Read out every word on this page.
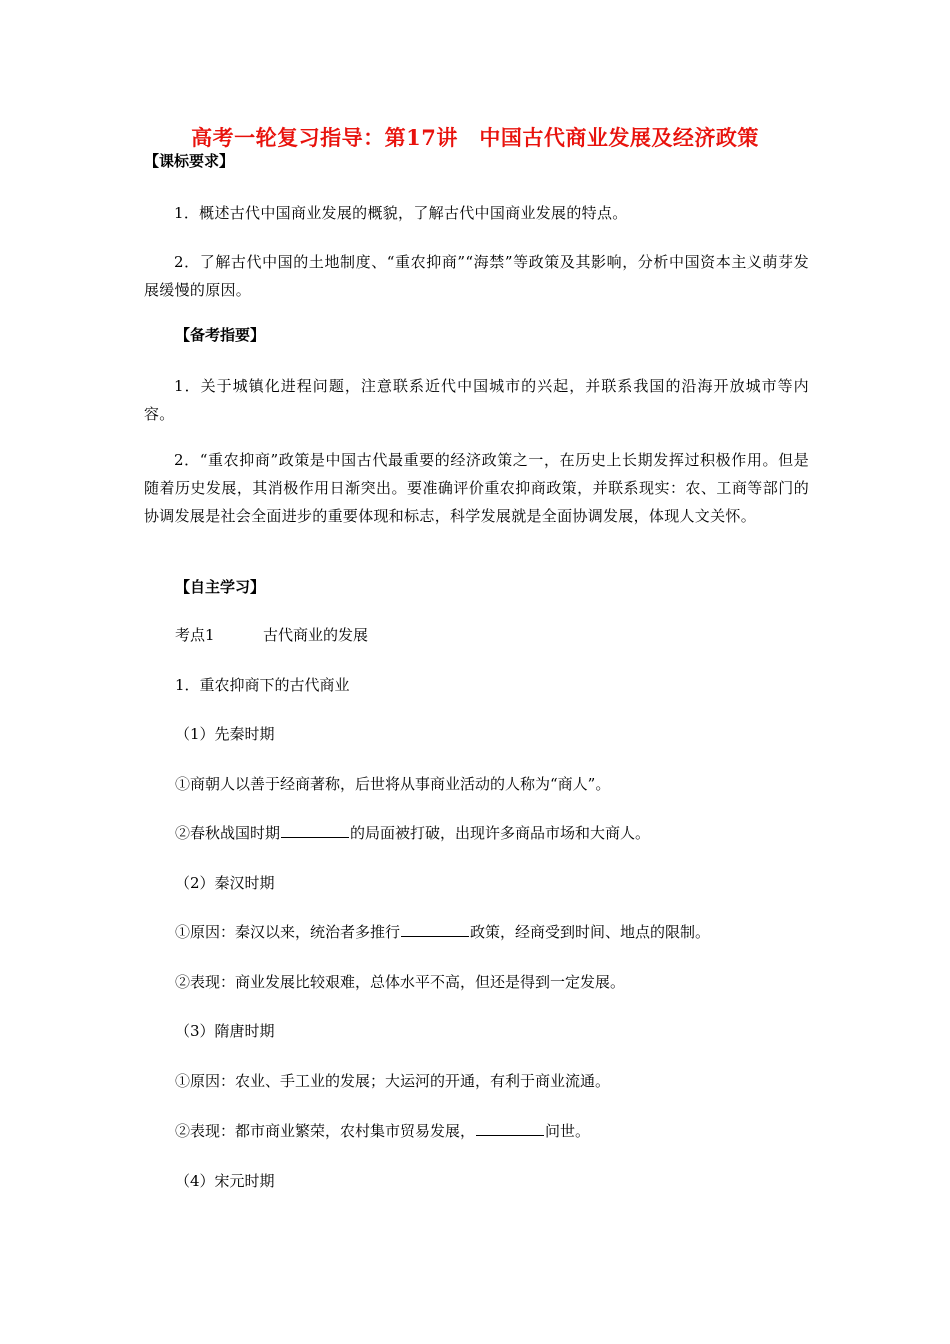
高考一轮复习指导：第17讲　中国古代商业发展及经济政策
【课标要求】
1．概述古代中国商业发展的概貌，了解古代中国商业发展的特点。
2．了解古代中国的土地制度、“重农抑商”“海禁”等政策及其影响，分析中国资本主义萌芽发展缓慢的原因。
【备考指要】
1．关于城镇化进程问题，注意联系近代中国城市的兴起，并联系我国的沿海开放城市等内容。
2．“重农抑商”政策是中国古代最重要的经济政策之一，在历史上长期发挥过积极作用。但是随着历史发展，其消极作用日渐突出。要准确评价重农抑商政策，并联系现实：农、工商等部门的协调发展是社会全面进步的重要体现和标志，科学发展就是全面协调发展，体现人文关怀。
【自主学习】
考点1	古代商业的发展
1．重农抑商下的古代商业
（1）先秦时期
①商朝人以善于经商著称，后世将从事商业活动的人称为“商人”。
②春秋战国时期	的局面被打破，出现许多商品市场和大商人。
（2）秦汉时期
①原因：秦汉以来，统治者多推行	政策，经商受到时间、地点的限制。
②表现：商业发展比较艰难，总体水平不高，但还是得到一定发展。
（3）隋唐时期
①原因：农业、手工业的发展；大运河的开通，有利于商业流通。
②表现：都市商业繁荣，农村集市贸易发展，	问世。
（4）宋元时期
